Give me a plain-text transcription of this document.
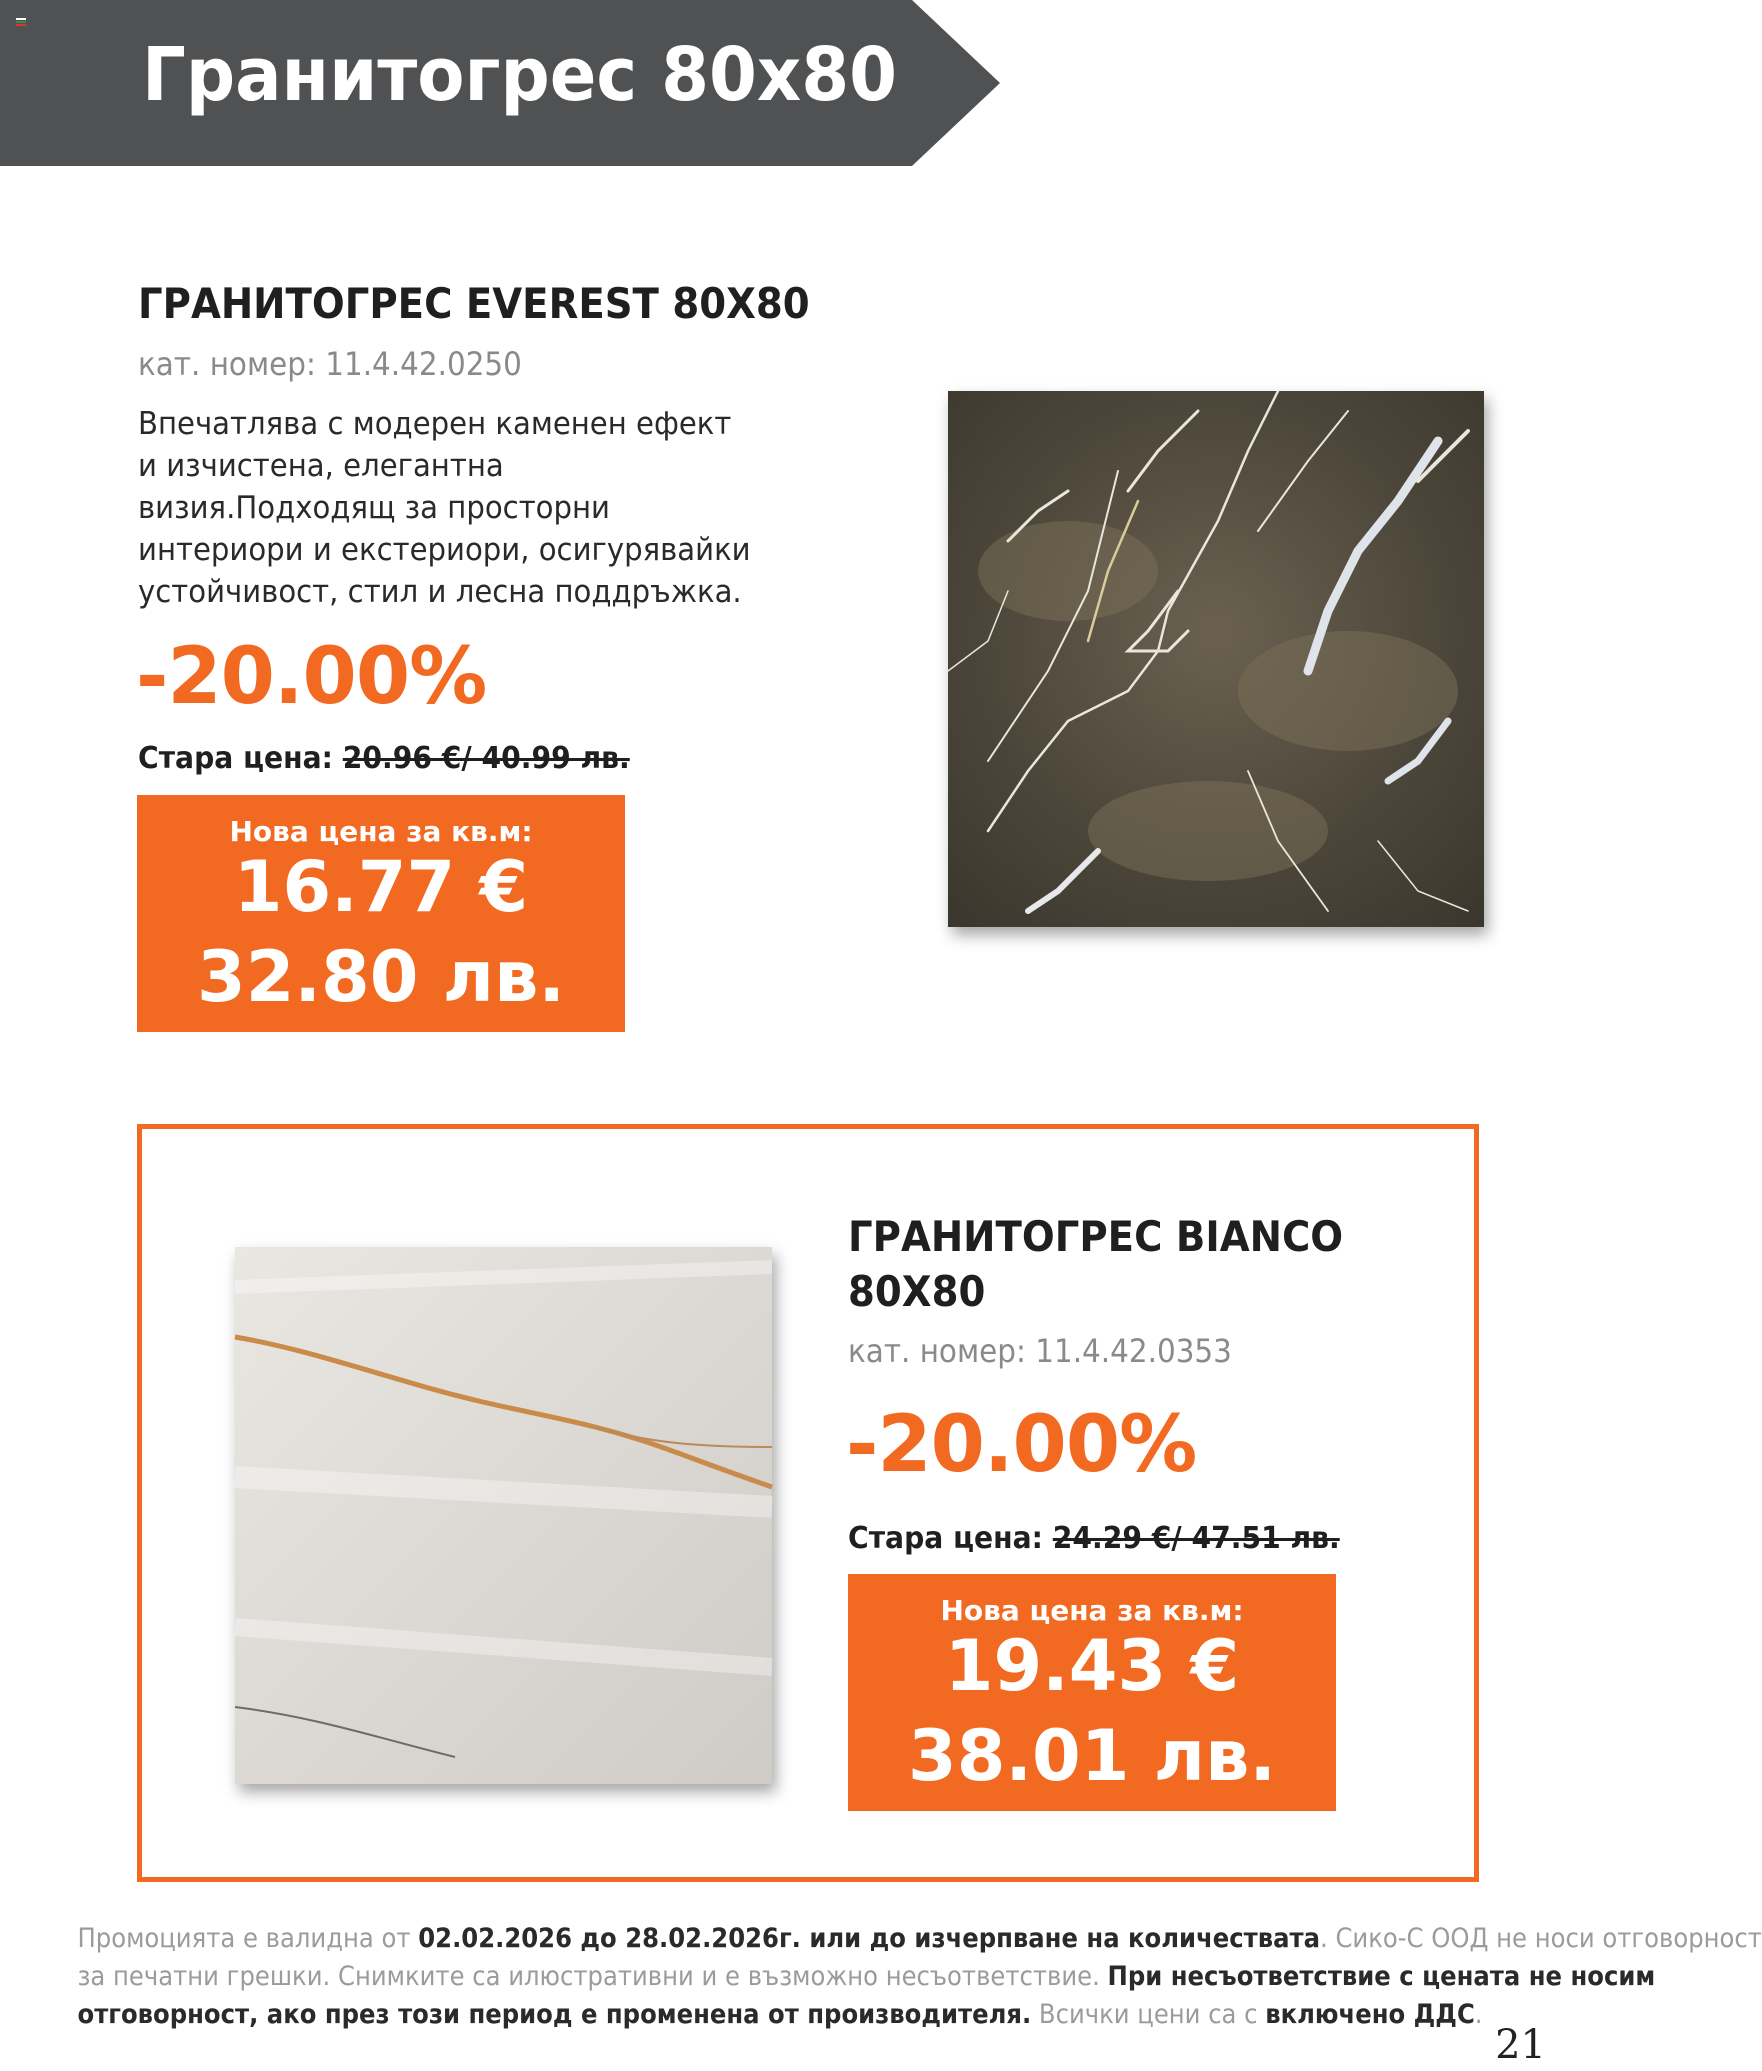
Гранитогрес 80x80
ГРАНИТОГРЕС EVEREST 80X80
кат. номер: 11.4.42.0250
Впечатлява с модерен каменен ефект и изчистена, елегантна визия.Подходящ за просторни интериори и екстериори, осигурявайки устойчивост, стил и лесна поддръжка.
-20.00%
Стара цена: 20.96 €/ 40.99 лв.
Нова цена за кв.м:
16.77 €
32.80 лв.
ГРАНИТОГРЕС BIANCO
80X80
кат. номер: 11.4.42.0353
-20.00%
Стара цена: 24.29 €/ 47.51 лв.
Нова цена за кв.м:
19.43 €
38.01 лв.
Промоцията е валидна от 02.02.2026 до 28.02.2026г. или до изчерпване на количествата. Сико-С ООД не носи отговорност
за печатни грешки. Снимките са илюстративни и е възможно несъответствие. При несъответствие с цената не носим
отговорност, ако през този период е променена от производителя. Всички цени са с включено ДДС.
21
